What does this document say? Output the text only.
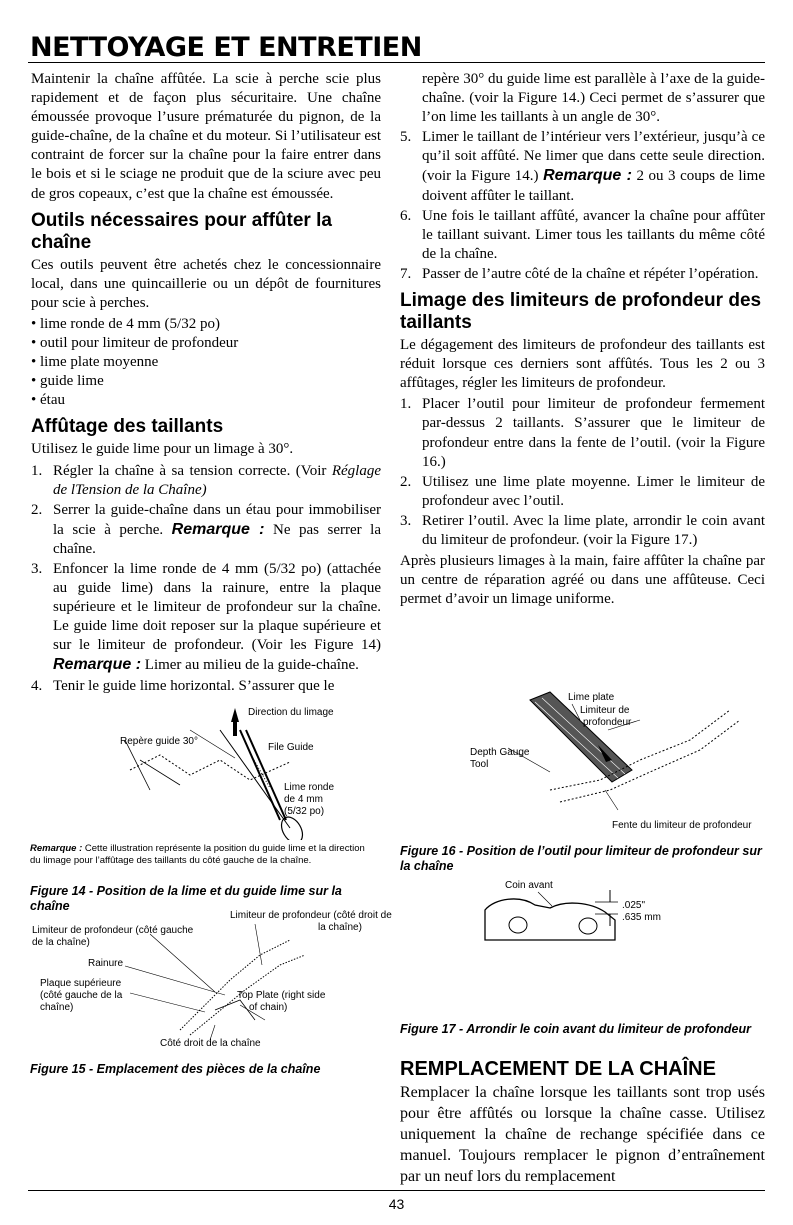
NETTOYAGE ET ENTRETIEN

Maintenir la chaîne affûtée. La scie à perche scie plus rapidement et de façon plus sécuritaire. Une chaîne émoussée provoque l’usure prématurée du pignon, de la guide-chaîne, de la chaîne et du moteur. Si l’utilisateur est contraint de forcer sur la chaîne pour la faire entrer dans le bois et si le sciage ne produit que de la sciure avec peu de gros copeaux, c’est que la chaîne est émoussée.

Outils nécessaires pour affûter la chaîne

Ces outils peuvent être achetés chez le concessionnaire local, dans une quincaillerie ou un dépôt de fournitures pour scie à perches.

• lime ronde de 4 mm (5/32 po)
• outil pour limiteur de profondeur
• lime plate moyenne
• guide lime
• étau
Affûtage des taillants

Utilisez le guide lime pour un limage à 30°.

1. Régler la chaîne à sa tension correcte. (Voir Réglage de lTension de la Chaîne)
2. Serrer la guide-chaîne dans un étau pour immobiliser la scie à perche. Remarque : Ne pas serrer la chaîne.
3. Enfoncer la lime ronde de 4 mm (5/32 po) (attachée au guide lime) dans la rainure, entre la plaque supérieure et le limiteur de profondeur sur la chaîne. Le guide lime doit reposer sur la plaque supérieure et sur le limiteur de profondeur. (Voir les Figure 14) Remarque : Limer au milieu de la guide-chaîne.
4. Tenir le guide lime horizontal. S’assurer que le
Direction du limage
Repère guide 30°
File Guide
Lime ronde
de 4 mm
(5/32 po)
Remarque : Cette illustration représente la position du guide lime et la direction du limage pour l’affûtage des taillants du côté gauche de la chaîne.
Figure 14 - Position de la lime et du guide lime sur la chaîne
Limiteur de profondeur (côté droit de
la chaîne)
Limiteur de profondeur (côté gauche
de la chaîne)
Rainure
Plaque supérieure
(côté gauche de la
chaîne)
Top Plate (right side
of chain)
Côté droit de la chaîne
Figure 15 - Emplacement des pièces de la chaîne
repère 30° du guide lime est parallèle à l’axe de la guide-chaîne. (voir la Figure 14.) Ceci permet de s’assurer que l’on lime les taillants à un angle de 30°.
5. Limer le taillant de l’intérieur vers l’extérieur, jusqu’à ce qu’il soit affûté. Ne limer que dans cette seule direction. (voir la Figure 14.) Remarque : 2 ou 3 coups de lime doivent affûter le taillant.
6. Une fois le taillant affûté, avancer la chaîne pour affûter le taillant suivant. Limer tous les taillants du même côté de la chaîne.
7. Passer de l’autre côté de la chaîne et répéter l’opération.
Limage des limiteurs de profondeur des taillants

Le dégagement des limiteurs de profondeur des taillants est réduit lorsque ces derniers sont affûtés. Tous les 2 ou 3 affûtages, régler les limiteurs de profondeur.

1. Placer l’outil pour limiteur de profondeur fermement par-dessus 2 taillants. S’assurer que le limiteur de profondeur entre dans la fente de l’outil. (voir la Figure 16.)
2. Utilisez une lime plate moyenne. Limer le limiteur de profondeur avec l’outil.
3. Retirer l’outil. Avec la lime plate, arrondir le coin avant du limiteur de profondeur. (voir la Figure 17.)

Après plusieurs limages à la main, faire affûter la chaîne par un centre de réparation agréé ou dans une affûteuse. Ceci permet d’avoir un limage uniforme.

Lime plate
Limiteur de
profondeur
Depth Gauge
Tool
Fente du limiteur de profondeur
Figure 16 - Position de l’outil pour limiteur de profondeur sur la chaîne
Coin avant
.025"
.635 mm
Figure 17 - Arrondir le coin avant du limiteur de profondeur
REMPLACEMENT DE LA CHAÎNE

Remplacer la chaîne lorsque les taillants sont trop usés pour être affûtés ou lorsque la chaîne casse. Utilisez uniquement la chaîne de rechange spécifiée dans ce manuel. Toujours remplacer le pignon d’entraînement par un neuf lors du remplacement

43
